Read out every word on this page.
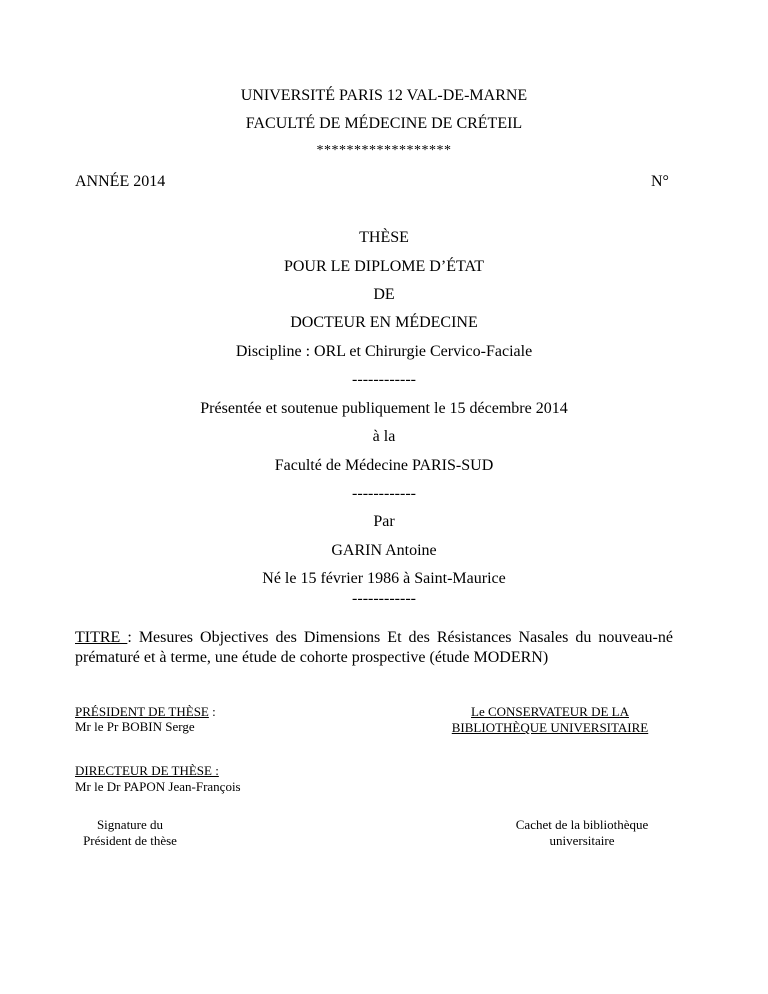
UNIVERSITÉ PARIS 12 VAL-DE-MARNE
FACULTÉ DE MÉDECINE DE CRÉTEIL
******************
ANNÉE 2014	N°
THÈSE
POUR LE DIPLOME D’ÉTAT
DE
DOCTEUR EN MÉDECINE
Discipline : ORL et Chirurgie Cervico-Faciale
------------
Présentée et soutenue publiquement le 15 décembre 2014
à la
Faculté de Médecine PARIS-SUD
------------
Par
GARIN Antoine
Né le 15 février 1986 à Saint-Maurice
------------
TITRE : Mesures Objectives des Dimensions Et des Résistances Nasales du nouveau-né prématuré et à terme, une étude de cohorte prospective (étude MODERN)
PRÉSIDENT DE THÈSE :
Mr le Pr BOBIN Serge
Le CONSERVATEUR DE LA
BIBLIOTHÈQUE UNIVERSITAIRE
DIRECTEUR DE THÈSE :
Mr le Dr PAPON Jean-François
Signature du
Président de thèse
Cachet de la bibliothèque
universitaire
